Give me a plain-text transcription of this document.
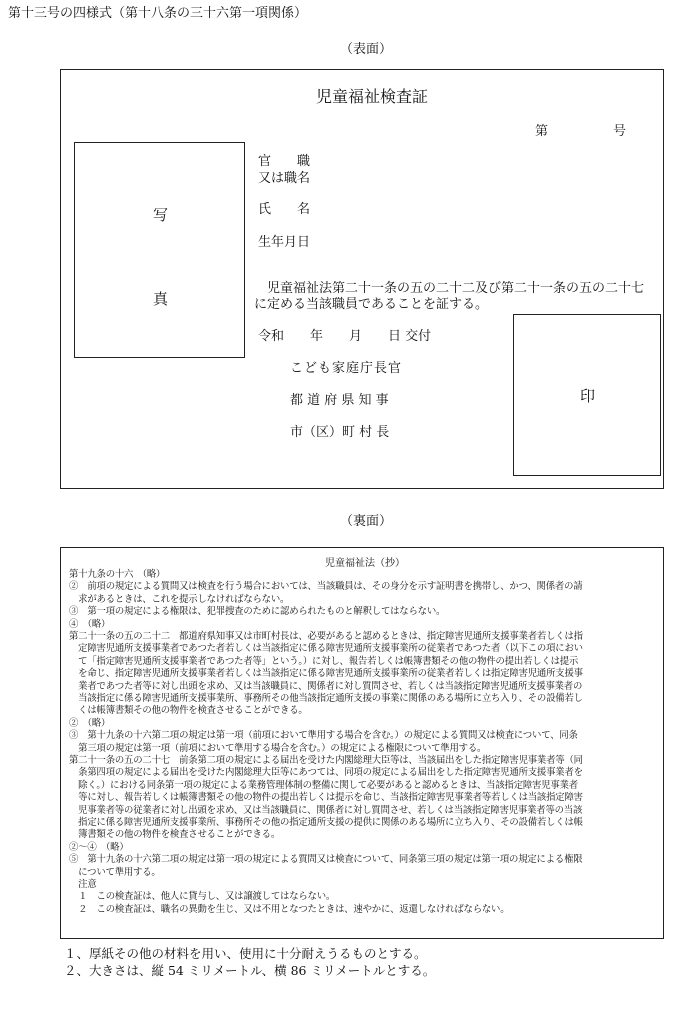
第十三号の四様式（第十八条の三十六第一項関係）
（表面）
児童福祉検査証
第　　　　　号
写
真
官　　職
又は職名
氏　　名
生年月日
　児童福祉法第二十一条の五の二十二及び第二十一条の五の二十七
に定める当該職員であることを証する。
令和　　年　　月　　日 交付
こども家庭庁長官
都 道 府 県 知 事
市（区）町 村 長
印
（裏面）
児童福祉法（抄）
第十九条の十六　（略）
②　前項の規定による質問又は検査を行う場合においては、当該職員は、その身分を示す証明書を携帯し、かつ、関係者の請
　求があるときは、これを提示しなければならない。
③　第一項の規定による権限は、犯罪捜査のために認められたものと解釈してはならない。
④　（略）
第二十一条の五の二十二　都道府県知事又は市町村長は、必要があると認めるときは、指定障害児通所支援事業者若しくは指
　定障害児通所支援事業者であつた者若しくは当該指定に係る障害児通所支援事業所の従業者であつた者（以下この項におい
　て「指定障害児通所支援事業者であつた者等」という。）に対し、報告若しくは帳簿書類その他の物件の提出若しくは提示
　を命じ、指定障害児通所支援事業者若しくは当該指定に係る障害児通所支援事業所の従業者若しくは指定障害児通所支援事
　業者であつた者等に対し出頭を求め、又は当該職員に、関係者に対し質問させ、若しくは当該指定障害児通所支援事業者の
　当該指定に係る障害児通所支援事業所、事務所その他当該指定通所支援の事業に関係のある場所に立ち入り、その設備若し
　くは帳簿書類その他の物件を検査させることができる。
②　（略）
③　第十九条の十六第二項の規定は第一項（前項において準用する場合を含む。）の規定による質問又は検査について、同条
　第三項の規定は第一項（前項において準用する場合を含む。）の規定による権限について準用する。
第二十一条の五の二十七　前条第二項の規定による届出を受けた内閣総理大臣等は、当該届出をした指定障害児事業者等（同
　条第四項の規定による届出を受けた内閣総理大臣等にあつては、同項の規定による届出をした指定障害児通所支援事業者を
　除く。）における同条第一項の規定による業務管理体制の整備に関して必要があると認めるときは、当該指定障害児事業者
　等に対し、報告若しくは帳簿書類その他の物件の提出若しくは提示を命じ、当該指定障害児事業者等若しくは当該指定障害
　児事業者等の従業者に対し出頭を求め、又は当該職員に、関係者に対し質問させ、若しくは当該指定障害児事業者等の当該
　指定に係る障害児通所支援事業所、事務所その他の指定通所支援の提供に関係のある場所に立ち入り、その設備若しくは帳
　簿書類その他の物件を検査させることができる。
②～④　（略）
⑤　第十九条の十六第二項の規定は第一項の規定による質問又は検査について、同条第三項の規定は第一項の規定による権限
　について準用する。
　注意
　１　この検査証は、他人に貸与し、又は譲渡してはならない。
　２　この検査証は、職名の異動を生じ、又は不用となつたときは、速やかに、返還しなければならない。
１、厚紙その他の材料を用い、使用に十分耐えうるものとする。
２、大きさは、縦 54 ミリメートル、横 86 ミリメートルとする。
